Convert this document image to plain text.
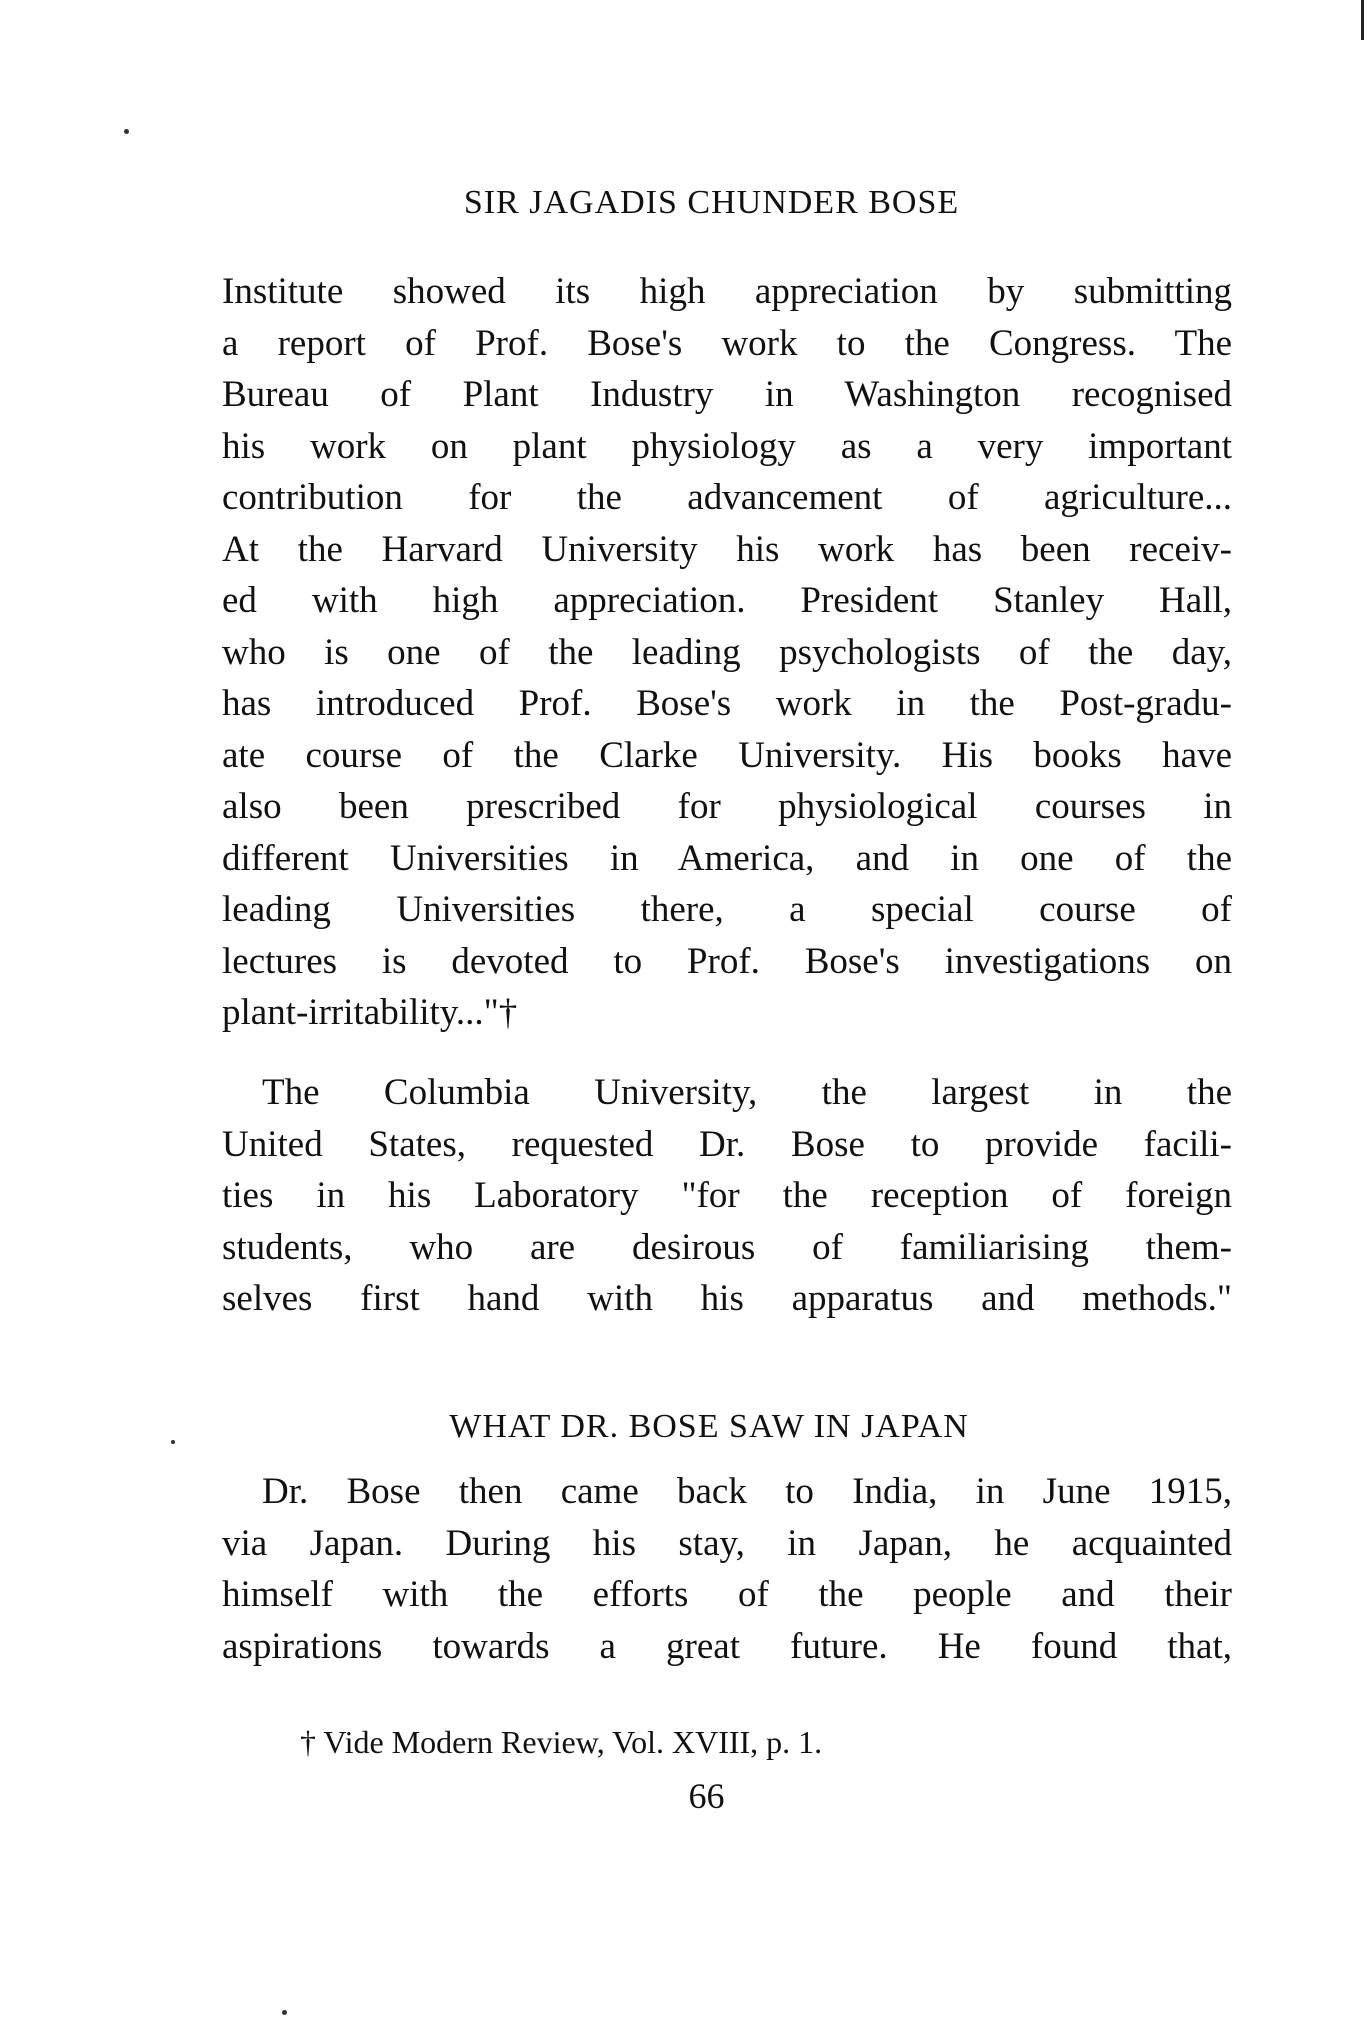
SIR JAGADIS CHUNDER BOSE
Institute showed its high appreciation by submitting
a report of Prof. Bose's work to the Congress. The
Bureau of Plant Industry in Washington recognised
his work on plant physiology as a very important
contribution for the advancement of agriculture...
At the Harvard University his work has been receiv-
ed with high appreciation. President Stanley Hall,
who is one of the leading psychologists of the day,
has introduced Prof. Bose's work in the Post-gradu-
ate course of the Clarke University. His books have
also been prescribed for physiological courses in
different Universities in America, and in one of the
leading Universities there, a special course of
lectures is devoted to Prof. Bose's investigations on
plant-irritability..."†
The Columbia University, the largest in the
United States, requested Dr. Bose to provide facili-
ties in his Laboratory "for the reception of foreign
students, who are desirous of familiarising them-
selves first hand with his apparatus and methods."
WHAT DR. BOSE SAW IN JAPAN
Dr. Bose then came back to India, in June 1915,
via Japan. During his stay, in Japan, he acquainted
himself with the efforts of the people and their
aspirations towards a great future. He found that,
† Vide Modern Review, Vol. XVIII, p. 1.
66
